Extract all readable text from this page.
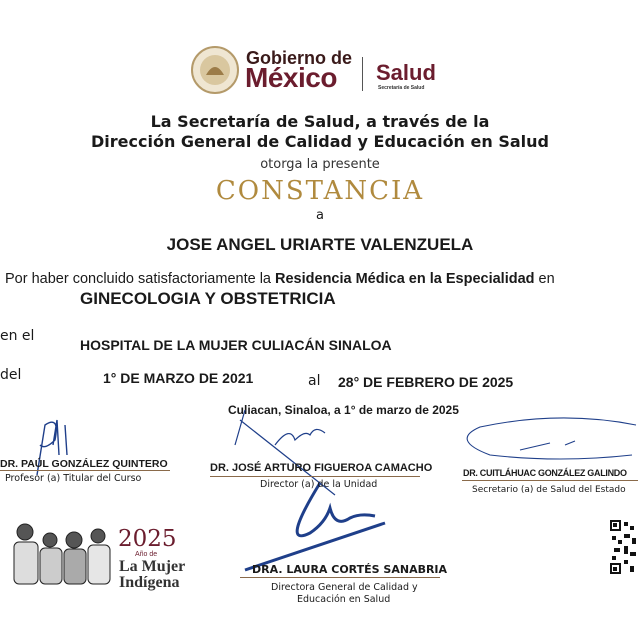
Gobierno de
México Salud
Secretaría de Salud
La Secretaría de Salud, a través de la
Dirección General de Calidad y Educación en Salud
otorga la presente
CONSTANCIA
a
JOSE ANGEL URIARTE VALENZUELA
Por haber concluido satisfactoriamente la Residencia Médica en la Especialidad en
GINECOLOGIA Y OBSTETRICIA
en el
HOSPITAL DE LA MUJER CULIACÁN SINALOA
del	1° DE MARZO DE 2021	al 28° DE FEBRERO DE 2025
Culiacan, Sinaloa, a 1° de marzo de 2025
DR. PAÚL GONZÁLEZ QUINTERO
Profesor (a) Titular del Curso
DR. JOSÉ ARTURO FIGUEROA CAMACHO
Director (a) de la Unidad
DR. CUITLÁHUAC GONZÁLEZ GALINDO
Secretario (a) de Salud del Estado
DRA. LAURA CORTÉS SANABRIA
Directora General de Calidad y
Educación en Salud
2025
Año de
La Mujer
Indígena
